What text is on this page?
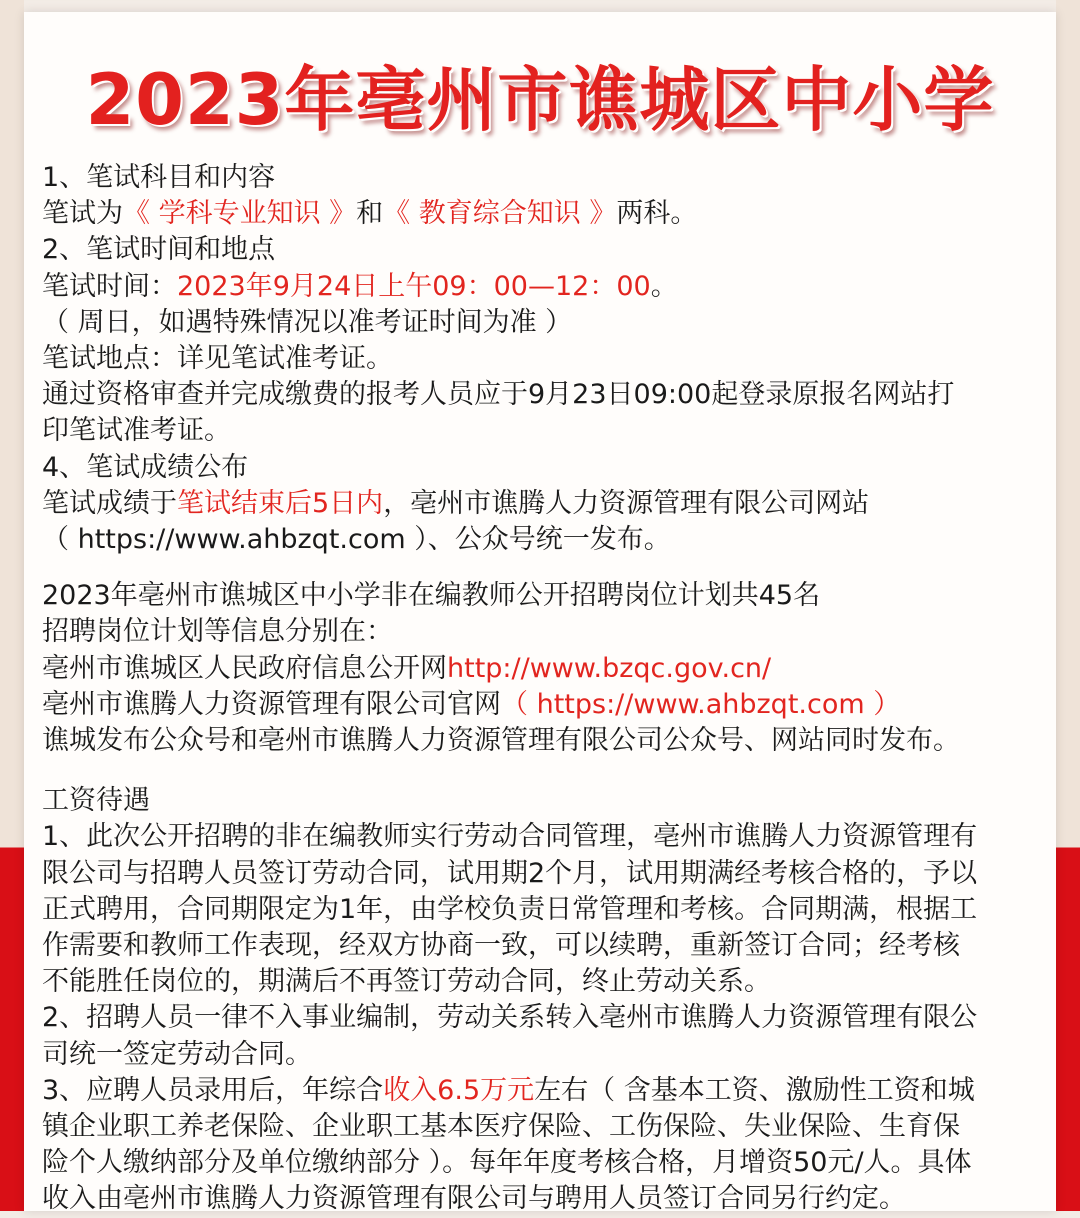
2023年亳州市谯城区中小学
1、笔试科目和内容
笔试为《 学科专业知识 》和《 教育综合知识 》两科。
2、笔试时间和地点
笔试时间：2023年9月24日上午09：00—12：00。
（ 周日，如遇特殊情况以准考证时间为准 ）
笔试地点：详见笔试准考证。
通过资格审查并完成缴费的报考人员应于9月23日09:00起登录原报名网站打
印笔试准考证。
4、笔试成绩公布
笔试成绩于笔试结束后5日内，亳州市谯腾人力资源管理有限公司网站
（ https://www.ahbzqt.com ）、公众号统一发布。
2023年亳州市谯城区中小学非在编教师公开招聘岗位计划共45名
招聘岗位计划等信息分别在：
亳州市谯城区人民政府信息公开网http://www.bzqc.gov.cn/
亳州市谯腾人力资源管理有限公司官网（ https://www.ahbzqt.com ）
谯城发布公众号和亳州市谯腾人力资源管理有限公司公众号、网站同时发布。
工资待遇
1、此次公开招聘的非在编教师实行劳动合同管理，亳州市谯腾人力资源管理有
限公司与招聘人员签订劳动合同，试用期2个月，试用期满经考核合格的，予以
正式聘用，合同期限定为1年，由学校负责日常管理和考核。合同期满，根据工
作需要和教师工作表现，经双方协商一致，可以续聘，重新签订合同；经考核
不能胜任岗位的，期满后不再签订劳动合同，终止劳动关系。
2、招聘人员一律不入事业编制，劳动关系转入亳州市谯腾人力资源管理有限公
司统一签定劳动合同。
3、应聘人员录用后，年综合收入6.5万元左右（ 含基本工资、激励性工资和城
镇企业职工养老保险、企业职工基本医疗保险、工伤保险、失业保险、生育保
险个人缴纳部分及单位缴纳部分 ）。每年年度考核合格，月增资50元/人。具体
收入由亳州市谯腾人力资源管理有限公司与聘用人员签订合同另行约定。
